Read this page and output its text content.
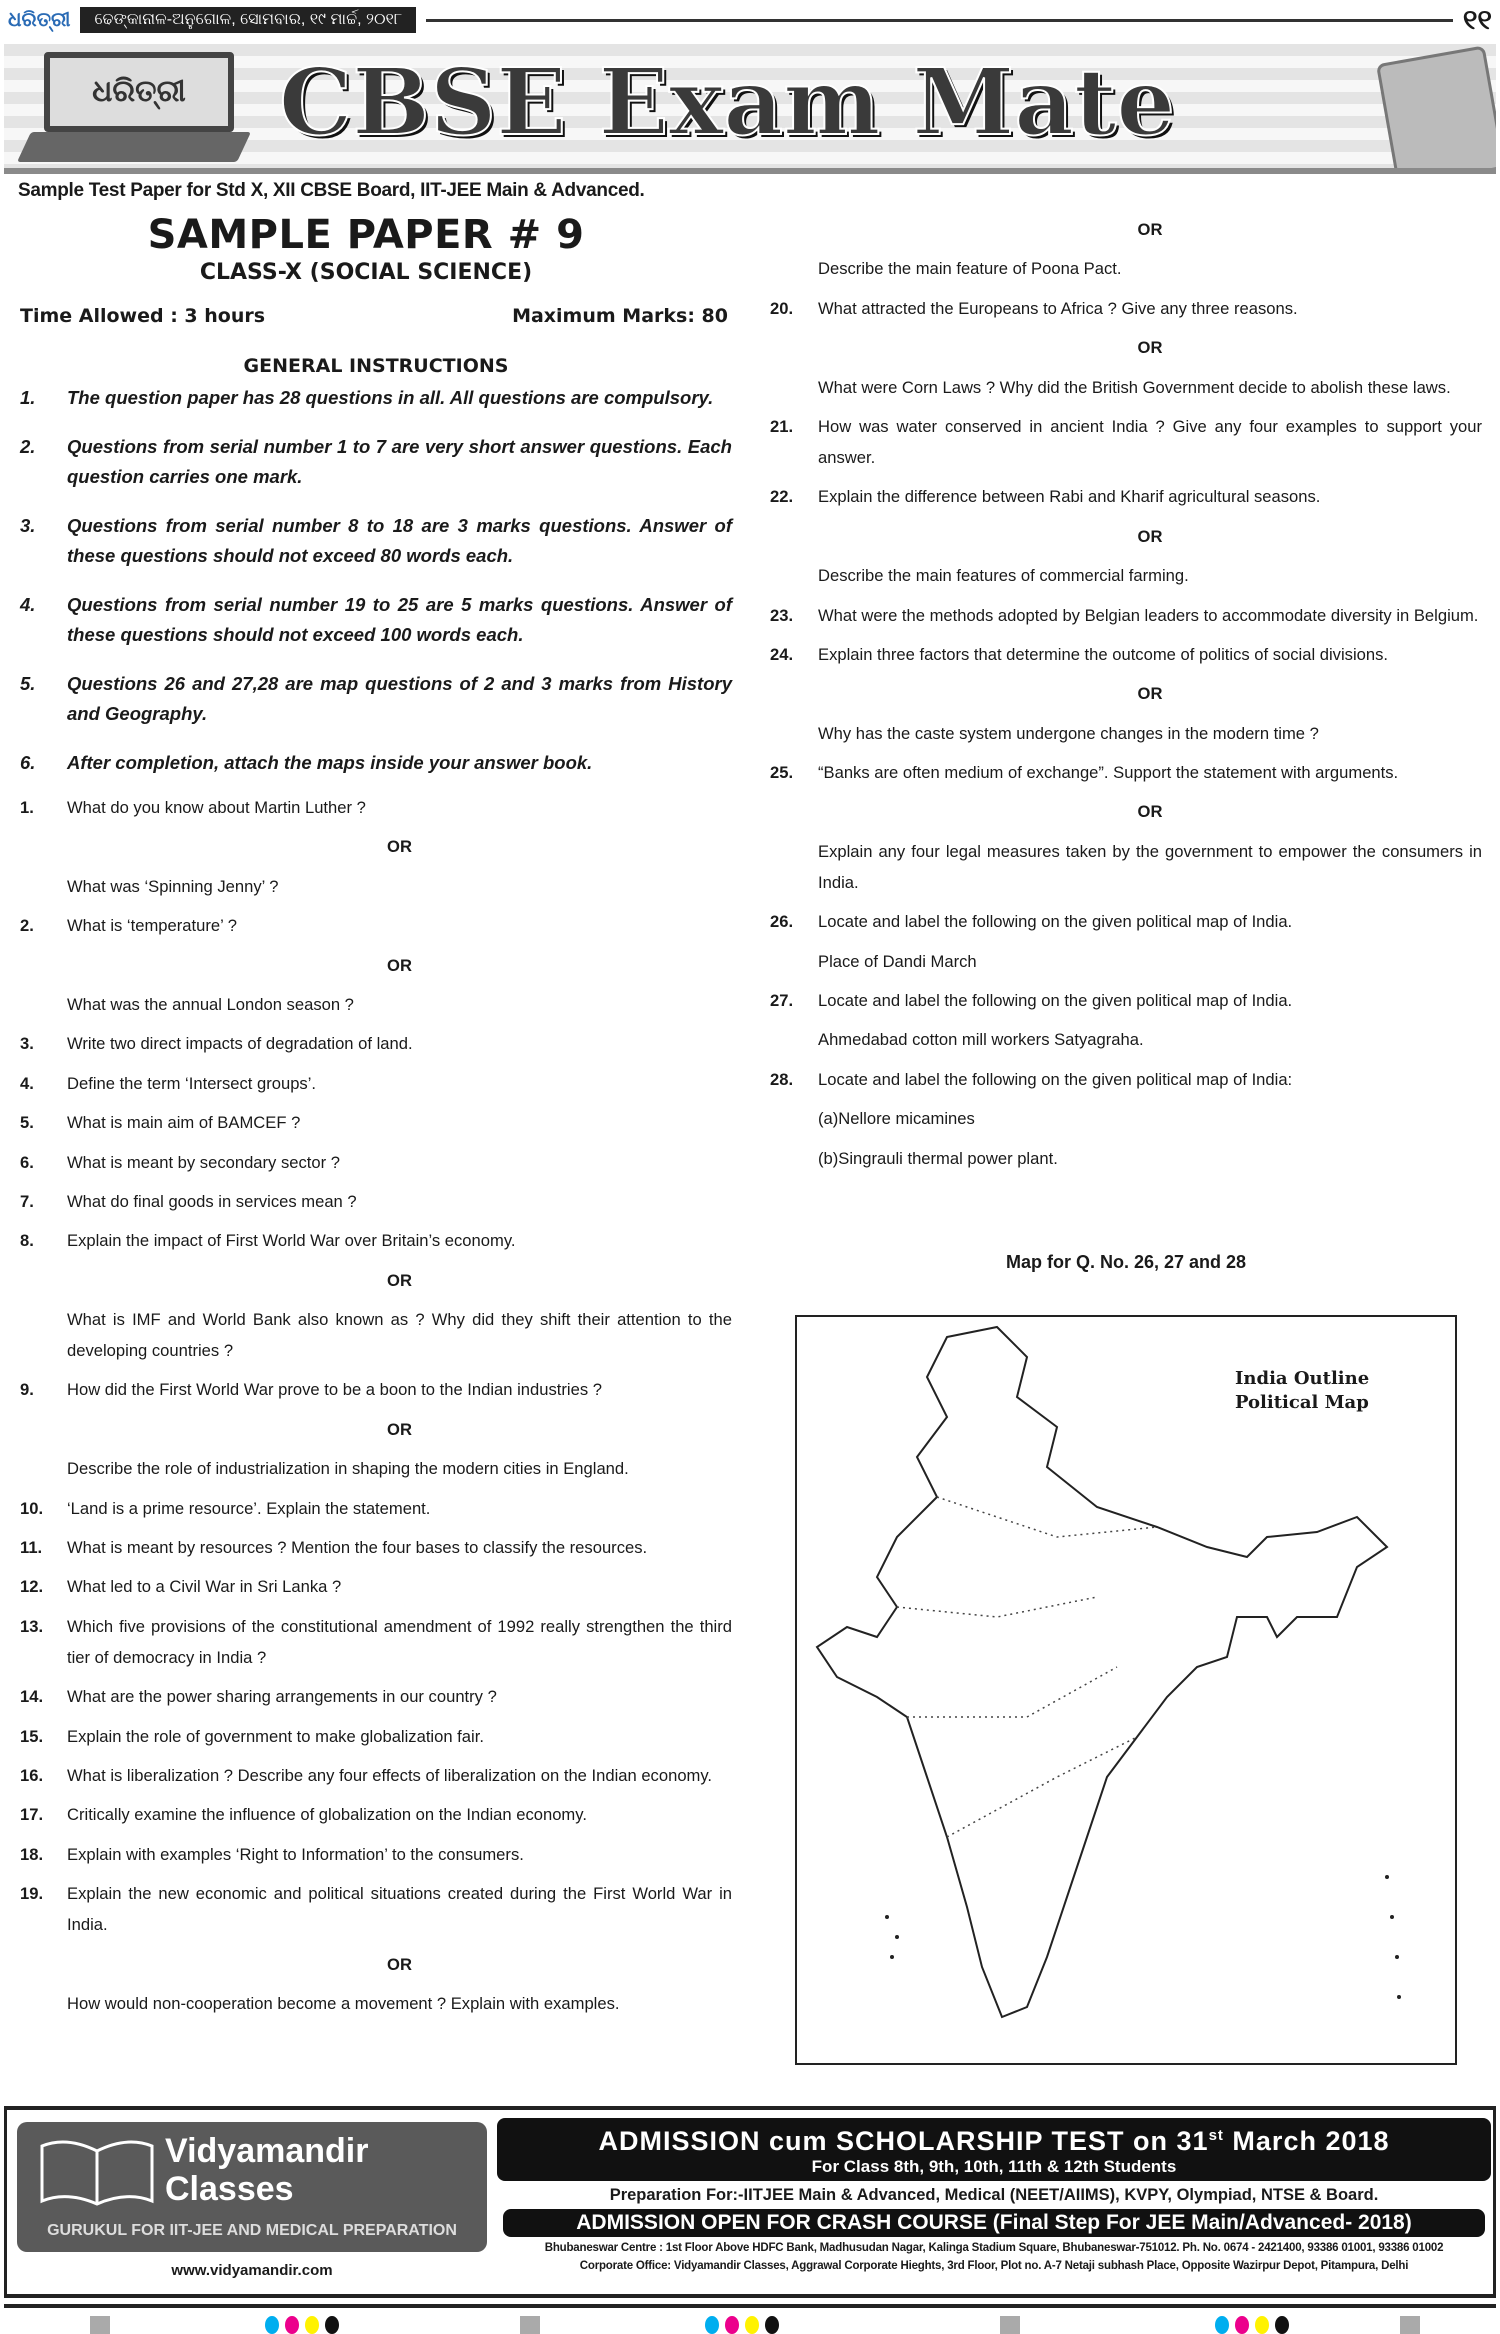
ଧରିତ୍ରୀ	ଢେଙ୍କାନାଳ-ଅନୁଗୋଳ, ସୋମବାର, ୧୯ ମାର୍ଚ୍ଚ, ୨୦୧୮	୧୧
ଧରିତ୍ରୀ	CBSE Exam Mate
Sample Test Paper for Std X, XII CBSE Board, IIT-JEE Main & Advanced.
SAMPLE PAPER # 9
CLASS-X (SOCIAL SCIENCE)
Time Allowed : 3 hours	Maximum Marks: 80
GENERAL INSTRUCTIONS
1.	The question paper has 28 questions in all. All questions are compulsory.
2.	Questions from serial number 1 to 7 are very short answer questions. Each question carries one mark.
3.	Questions from serial number 8 to 18 are 3 marks questions. Answer of these questions should not exceed 80 words each.
4.	Questions from serial number 19 to 25 are 5 marks questions. Answer of these questions should not exceed 100 words each.
5.	Questions 26 and 27,28 are map questions of 2 and 3 marks from History and Geography.
6.	After completion, attach the maps inside your answer book.
1.	What do you know about Martin Luther ?
OR
What was ‘Spinning Jenny’ ?
2.	What is ‘temperature’ ?
OR
What was the annual London season ?
3.	Write two direct impacts of degradation of land.
4.	Define the term ‘Intersect groups’.
5.	What is main aim of BAMCEF ?
6.	What is meant by secondary sector ?
7.	What do final goods in services mean ?
8.	Explain the impact of First World War over Britain’s economy.
OR
What is IMF and World Bank also known as ? Why did they shift their attention to the developing countries ?
9.	How did the First World War prove to be a boon to the Indian industries ?
OR
Describe the role of industrialization in shaping the modern cities in England.
10.	‘Land is a prime resource’. Explain the statement.
11.	What is meant by resources ? Mention the four bases to classify the resources.
12.	What led to a Civil War in Sri Lanka ?
13.	Which five provisions of the constitutional amendment of 1992 really strengthen the third tier of democracy in India ?
14.	What are the power sharing arrangements in our country ?
15.	Explain the role of government to make globalization fair.
16.	What is liberalization ? Describe any four effects of liberalization on the Indian economy.
17.	Critically examine the influence of globalization on the Indian economy.
18.	Explain with examples ‘Right to Information’ to the consumers.
19.	Explain the new economic and political situations created during the First World War in India.
OR
How would non-cooperation become a movement ? Explain with examples.
OR
Describe the main feature of Poona Pact.
20.	What attracted the Europeans to Africa ? Give any three reasons.
OR
What were Corn Laws ? Why did the British Government decide to abolish these laws.
21.	How was water conserved in ancient India ? Give any four examples to support your answer.
22.	Explain the difference between Rabi and Kharif agricultural seasons.
OR
Describe the main features of commercial farming.
23.	What were the methods adopted by Belgian leaders to accommodate diversity in Belgium.
24.	Explain three factors that determine the outcome of politics of social divisions.
OR
Why has the caste system undergone changes in the modern time ?
25.	“Banks are often medium of exchange”. Support the statement with arguments.
OR
Explain any four legal measures taken by the government to empower the consumers in India.
26.	Locate and label the following on the given political map of India.
Place of Dandi March
27.	Locate and label the following on the given political map of India.
Ahmedabad cotton mill workers Satyagraha.
28.	Locate and label the following on the given political map of India:
(a)Nellore micamines
(b)Singrauli thermal power plant.
Map for Q. No. 26, 27 and 28
India Outline
Political Map
Vidyamandir
Classes
GURUKUL FOR IIT-JEE AND MEDICAL PREPARATION
www.vidyamandir.com
ADMISSION cum SCHOLARSHIP TEST on 31st March 2018
For Class 8th, 9th, 10th, 11th & 12th Students
Preparation For:-IITJEE Main & Advanced, Medical (NEET/AIIMS), KVPY, Olympiad, NTSE & Board.
ADMISSION OPEN FOR CRASH COURSE (Final Step For JEE Main/Advanced- 2018)
Bhubaneswar Centre : 1st Floor Above HDFC Bank, Madhusudan Nagar, Kalinga Stadium Square, Bhubaneswar-751012. Ph. No. 0674 - 2421400, 93386 01001, 93386 01002
Corporate Office: Vidyamandir Classes, Aggrawal Corporate Hieghts, 3rd Floor, Plot no. A-7 Netaji subhash Place, Opposite Wazirpur Depot, Pitampura, Delhi
